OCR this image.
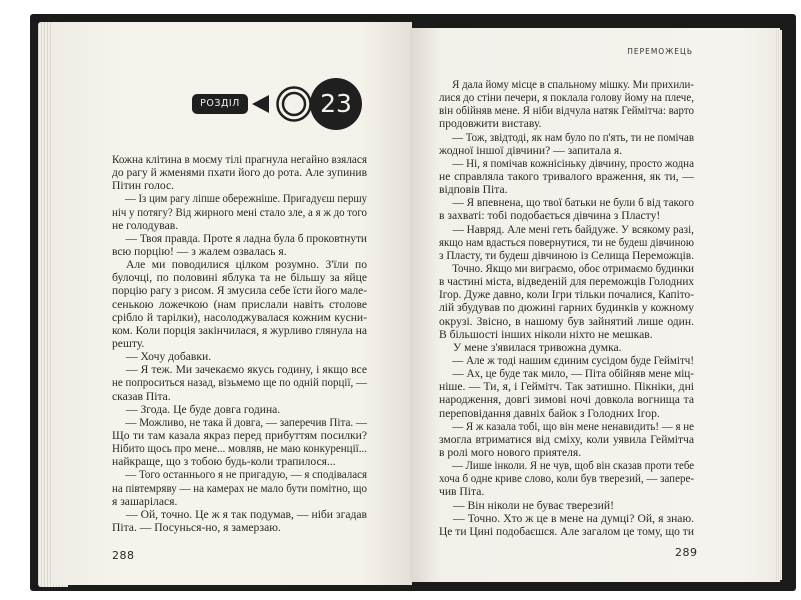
РОЗДІЛ	23
ПЕРЕМОЖЕЦЬ
Кожна клітина в моєму тілі прагнула негайно взялася
до рагу й жменями пхати його до рота. Але зупинив
Пітин голос.
— Із цим рагу ліпше обережніше. Пригадуєш першу
ніч у потягу? Від жирного мені стало зле, а я ж до того
не голодував.
— Твоя правда. Проте я ладна була б проковтнути
всю порцію! — з жалем озвалась я.
Але ми поводилися цілком розумно. З'їли по
булочці, по половині яблука та не більшу за яйце
порцію рагу з рисом. Я змусила себе їсти його мале-
сенькою ложечкою (нам прислали навіть столове
срібло й тарілки), насолоджувалася кожним кусни-
ком. Коли порція закінчилася, я журливо глянула на
решту.
— Хочу добавки.
— Я теж. Ми зачекаємо якусь годину, і якщо все
не попроситься назад, візьмемо ще по одній порції, —
сказав Піта.
— Згода. Це буде довга година.
— Можливо, не така й довга, — заперечив Піта. —
Що ти там казала якраз перед прибуттям посилки?
Нібито щось про мене... мовляв, не маю конкуренції...
найкраще, що з тобою будь-коли трапилося...
— Того останнього я не пригадую, — я сподівалася
на півтемряву — на камерах не мало бути помітно, що
я зашарілася.
— Ой, точно. Це ж я так подумав, — ніби згадав
Піта. — Посунься-но, я замерзаю.
Я дала йому місце в спальному мішку. Ми прихили-
лися до стіни печери, я поклала голову йому на плече,
він обійняв мене. Я ніби відчула натяк Геймітча: варто
продовжити виставу.
— Тож, звідтоді, як нам було по п'ять, ти не помічав
жодної іншої дівчини? — запитала я.
— Ні, я помічав кожнісіньку дівчину, просто жодна
не справляла такого тривалого враження, як ти, —
відповів Піта.
— Я впевнена, що твої батьки не були б від такого
в захваті: тобі подобається дівчина з Пласту!
— Навряд. Але мені геть байдуже. У всякому разі,
якщо нам вдасться повернутися, ти не будеш дівчиною
з Пласту, ти будеш дівчиною із Селища Переможців.
Точно. Якщо ми виграємо, обоє отримаємо будинки
в частині міста, відведеній для переможців Голодних
Ігор. Дуже давно, коли Ігри тільки почалися, Капіто-
лій збудував по дюжині гарних будинків у кожному
окрузі. Звісно, в нашому був зайнятий лише один.
В більшості інших ніколи ніхто не мешкав.
У мене з'явилася тривожна думка.
— Але ж тоді нашим єдиним сусідом буде Геймітч!
— Ах, це буде так мило, — Піта обійняв мене міц-
ніше. — Ти, я, і Геймітч. Так затишно. Пікніки, дні
народження, довгі зимові ночі довкола вогнища та
переповідання давніх байок з Голодних Ігор.
— Я ж казала тобі, що він мене ненавидить! — я не
змогла втриматися від сміху, коли уявила Геймітча
в ролі мого нового приятеля.
— Лише інколи. Я не чув, щоб він сказав проти тебе
хоча б одне криве слово, коли був тверезий, — запере-
чив Піта.
— Він ніколи не буває тверезий!
— Точно. Хто ж це в мене на думці? Ой, я знаю.
Це ти Цині подобаєшся. Але загалом це тому, що ти
288	289
